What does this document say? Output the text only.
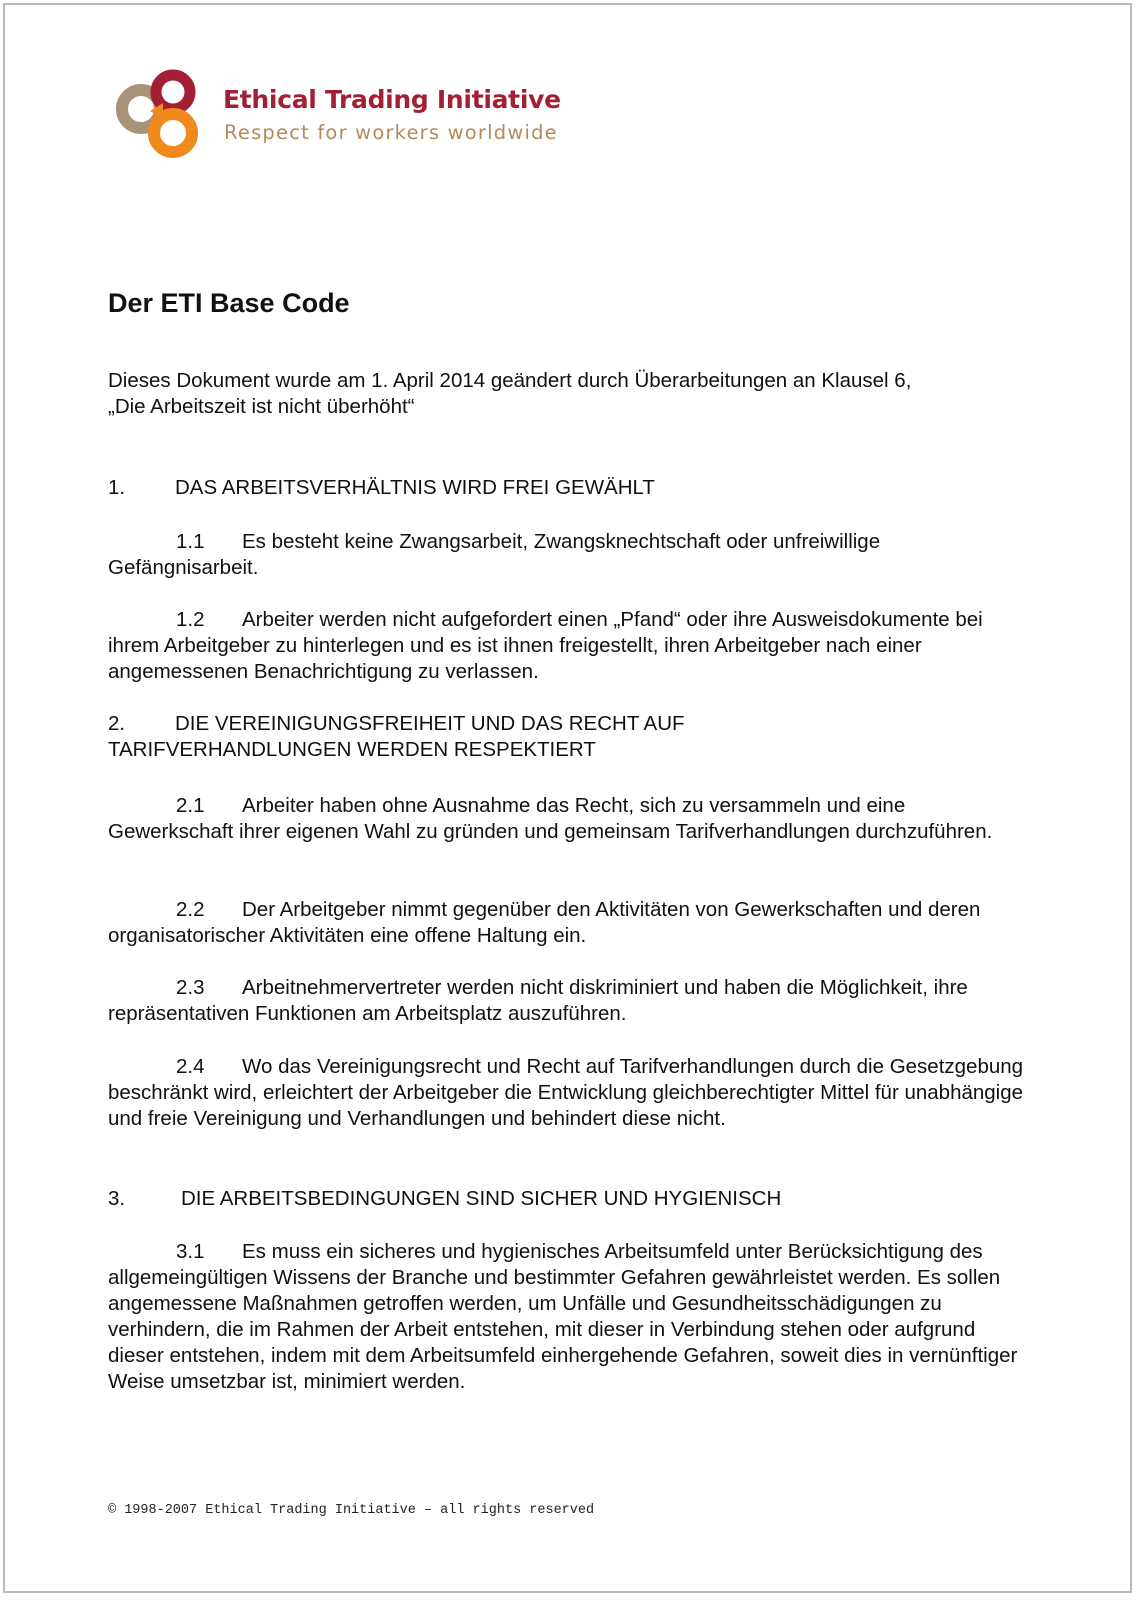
Ethical Trading Initiative
Respect for workers worldwide
Der ETI Base Code
Dieses Dokument wurde am 1. April 2014 geändert durch Überarbeitungen an Klausel 6,
„Die Arbeitszeit ist nicht überhöht“
1. DAS ARBEITSVERHÄLTNIS WIRD FREI GEWÄHLT
1.1 Es besteht keine Zwangsarbeit, Zwangsknechtschaft oder unfreiwillige Gefängnisarbeit.
1.2 Arbeiter werden nicht aufgefordert einen „Pfand“ oder ihre Ausweisdokumente bei ihrem Arbeitgeber zu hinterlegen und es ist ihnen freigestellt, ihren Arbeitgeber nach einer angemessenen Benachrichtigung zu verlassen.
2. DIE VEREINIGUNGSFREIHEIT UND DAS RECHT AUF
TARIFVERHANDLUNGEN WERDEN RESPEKTIERT
2.1 Arbeiter haben ohne Ausnahme das Recht, sich zu versammeln und eine Gewerkschaft ihrer eigenen Wahl zu gründen und gemeinsam Tarifverhandlungen durchzuführen.
2.2 Der Arbeitgeber nimmt gegenüber den Aktivitäten von Gewerkschaften und deren organisatorischer Aktivitäten eine offene Haltung ein.
2.3 Arbeitnehmervertreter werden nicht diskriminiert und haben die Möglichkeit, ihre repräsentativen Funktionen am Arbeitsplatz auszuführen.
2.4 Wo das Vereinigungsrecht und Recht auf Tarifverhandlungen durch die Gesetzgebung beschränkt wird, erleichtert der Arbeitgeber die Entwicklung gleichberechtigter Mittel für unabhängige und freie Vereinigung und Verhandlungen und behindert diese nicht.
3.	DIE ARBEITSBEDINGUNGEN SIND SICHER UND HYGIENISCH
3.1 Es muss ein sicheres und hygienisches Arbeitsumfeld unter Berücksichtigung des allgemeingültigen Wissens der Branche und bestimmter Gefahren gewährleistet werden. Es sollen angemessene Maßnahmen getroffen werden, um Unfälle und Gesundheitsschädigungen zu verhindern, die im Rahmen der Arbeit entstehen, mit dieser in Verbindung stehen oder aufgrund dieser entstehen, indem mit dem Arbeitsumfeld einhergehende Gefahren, soweit dies in vernünftiger Weise umsetzbar ist, minimiert werden.
© 1998-2007 Ethical Trading Initiative – all rights reserved
